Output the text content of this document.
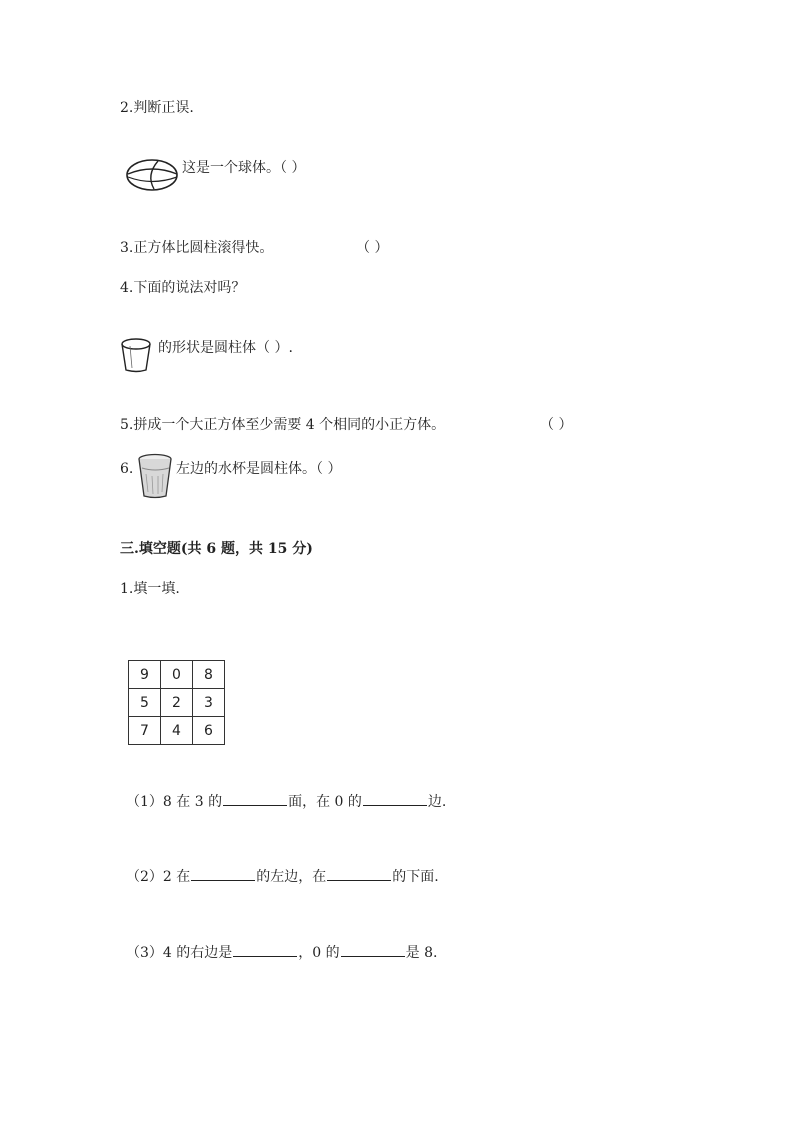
2.判断正误.
这是一个球体。（ ）
3.正方体比圆柱滚得快。	（ ）
4.下面的说法对吗？
的形状是圆柱体（ ）.
5.拼成一个大正方体至少需要 4 个相同的小正方体。	（ ）
6.	左边的水杯是圆柱体。（ ）
三.填空题(共 6 题，共 15 分)
1.填一填.
9	0	8
5	2	3
7	4	6
（1）8 在 3 的	面，在 0 的	边.
（2）2 在	的左边，在	的下面.
（3）4 的右边是	，0 的	是 8.
